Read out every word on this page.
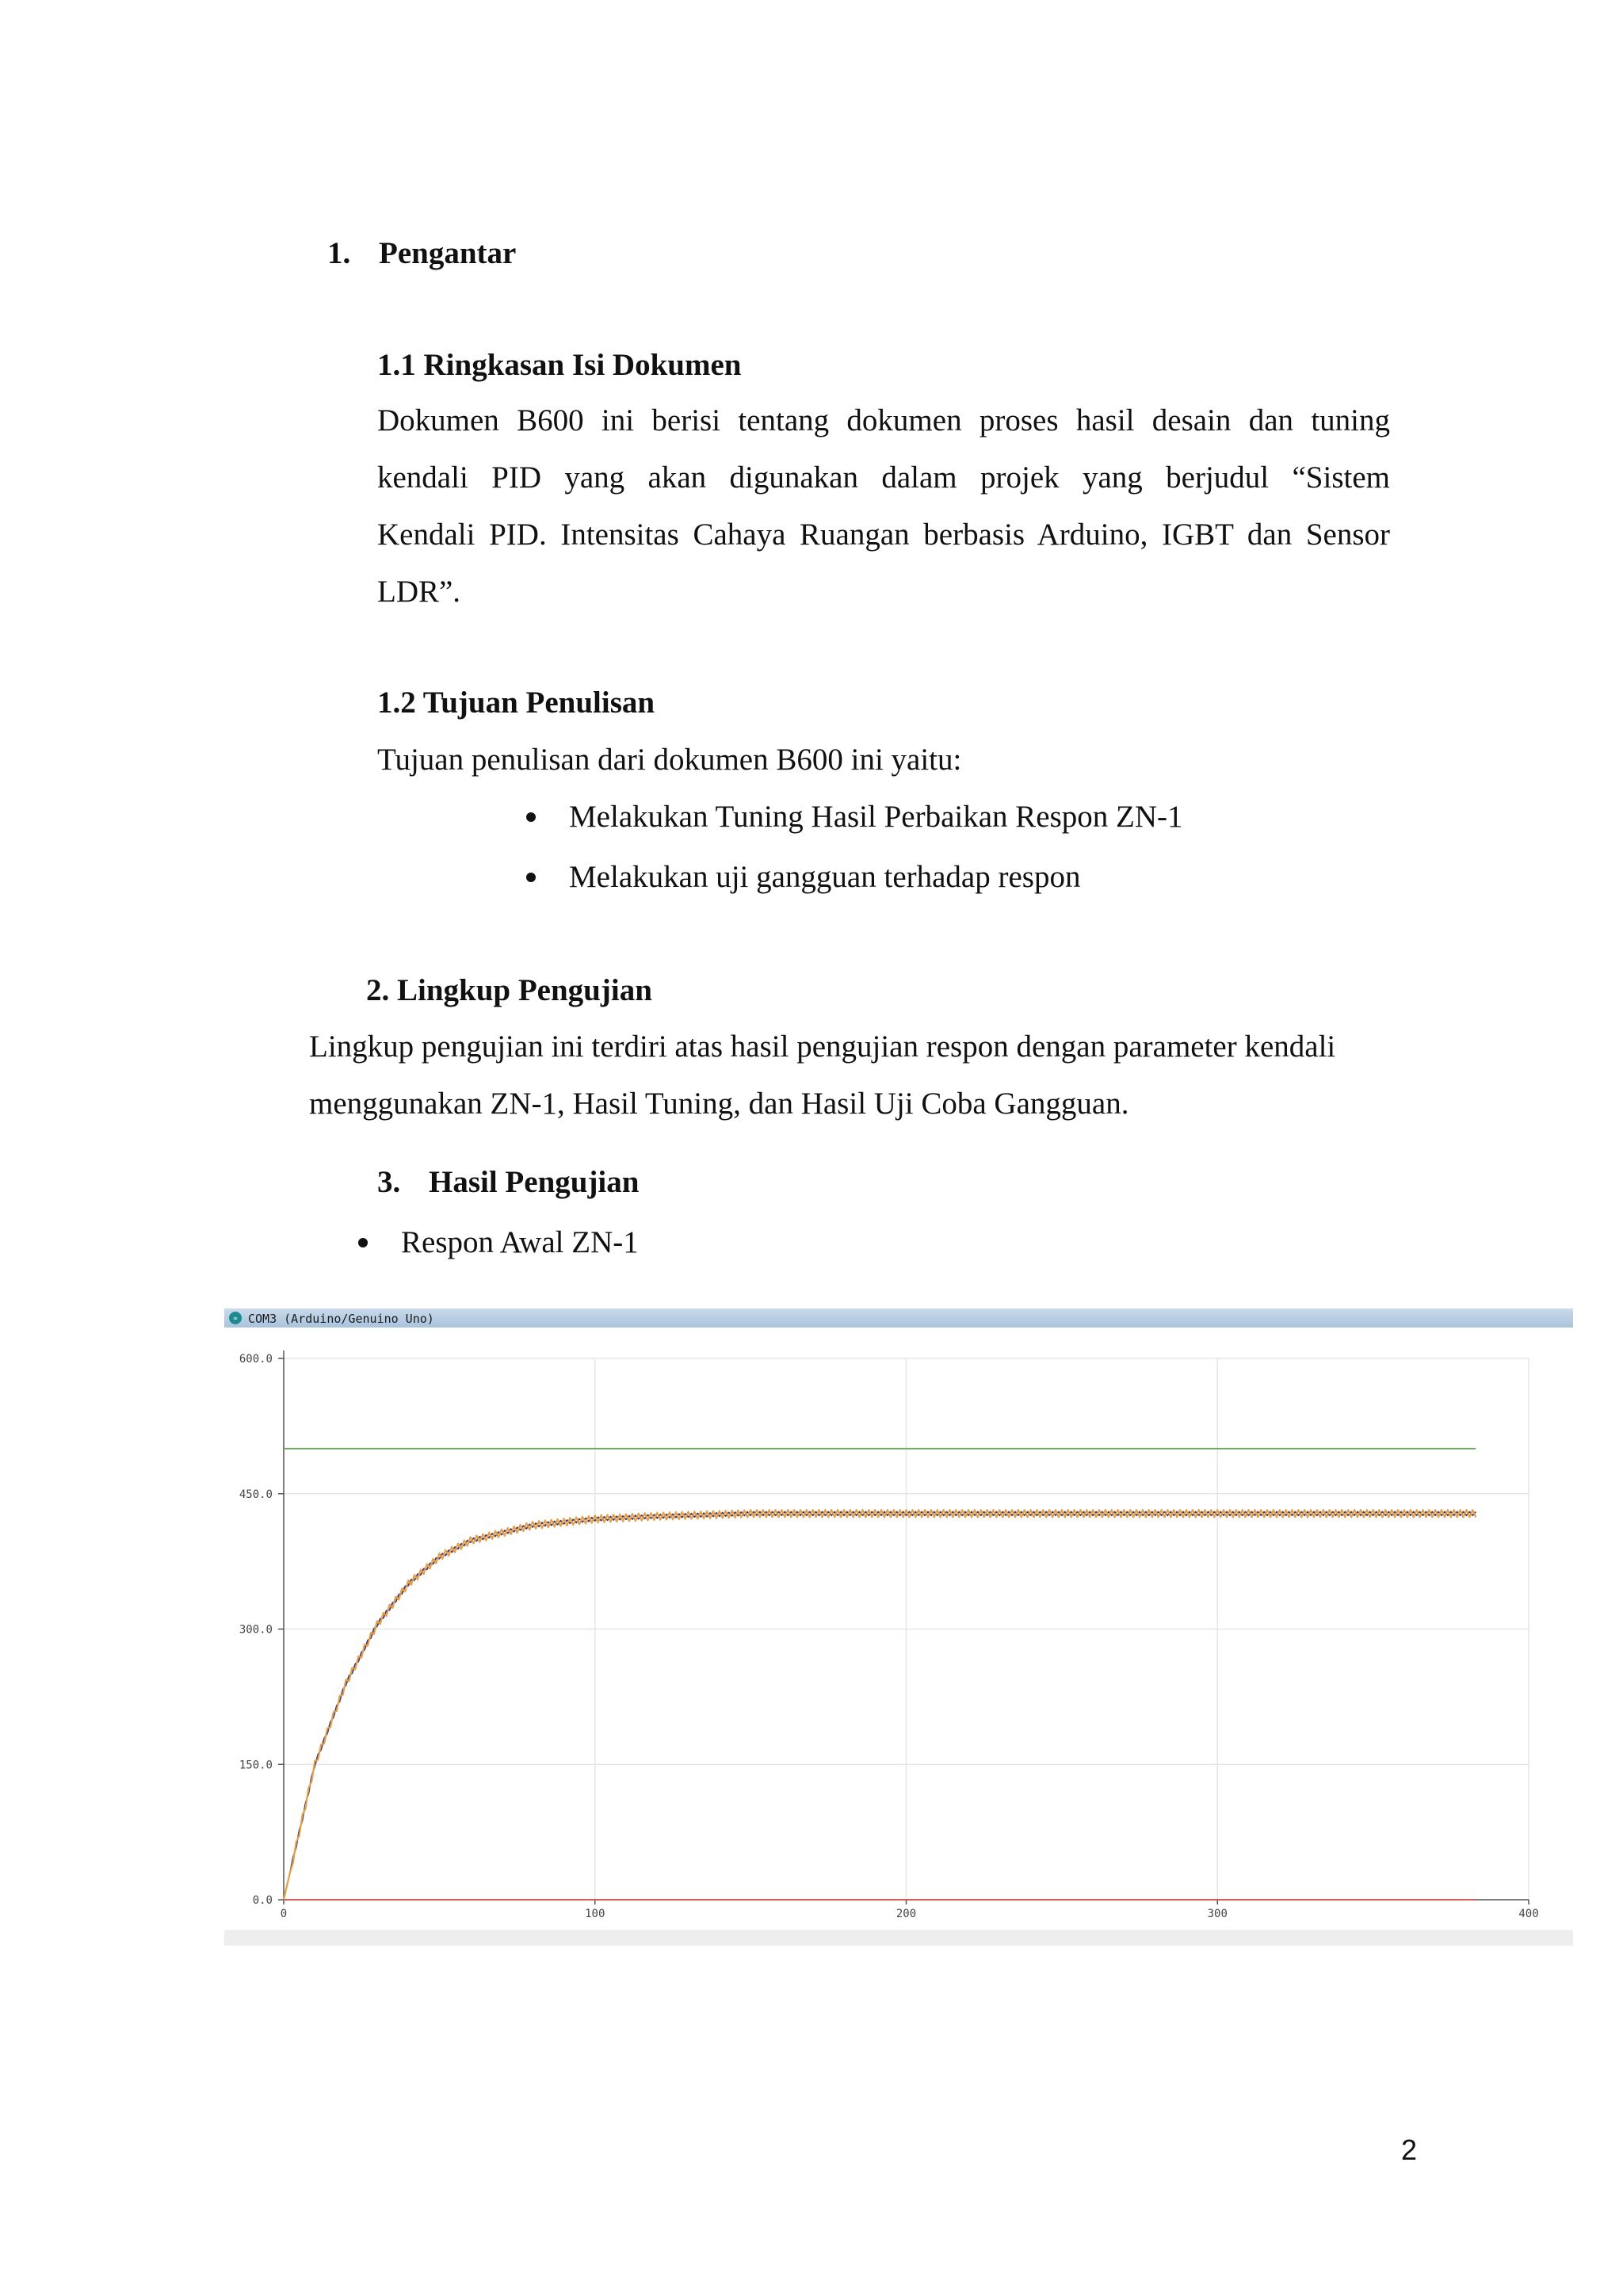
1. Pengantar
1.1 Ringkasan Isi Dokumen
Dokumen B600 ini berisi tentang dokumen proses hasil desain dan tuning
kendali PID yang akan digunakan dalam projek yang berjudul “Sistem
Kendali PID. Intensitas Cahaya Ruangan berbasis Arduino, IGBT dan Sensor
LDR”.
1.2 Tujuan Penulisan
Tujuan penulisan dari dokumen B600 ini yaitu:
Melakukan Tuning Hasil Perbaikan Respon ZN-1
Melakukan uji gangguan terhadap respon
2. Lingkup Pengujian
Lingkup pengujian ini terdiri atas hasil pengujian respon dengan parameter kendali
menggunakan ZN-1, Hasil Tuning, dan Hasil Uji Coba Gangguan.
3. Hasil Pengujian
Respon Awal ZN-1
∞ COM3 (Arduino/Genuino Uno)
0	100	200	300	400
0.0
150.0
300.0
450.0
600.0
2
